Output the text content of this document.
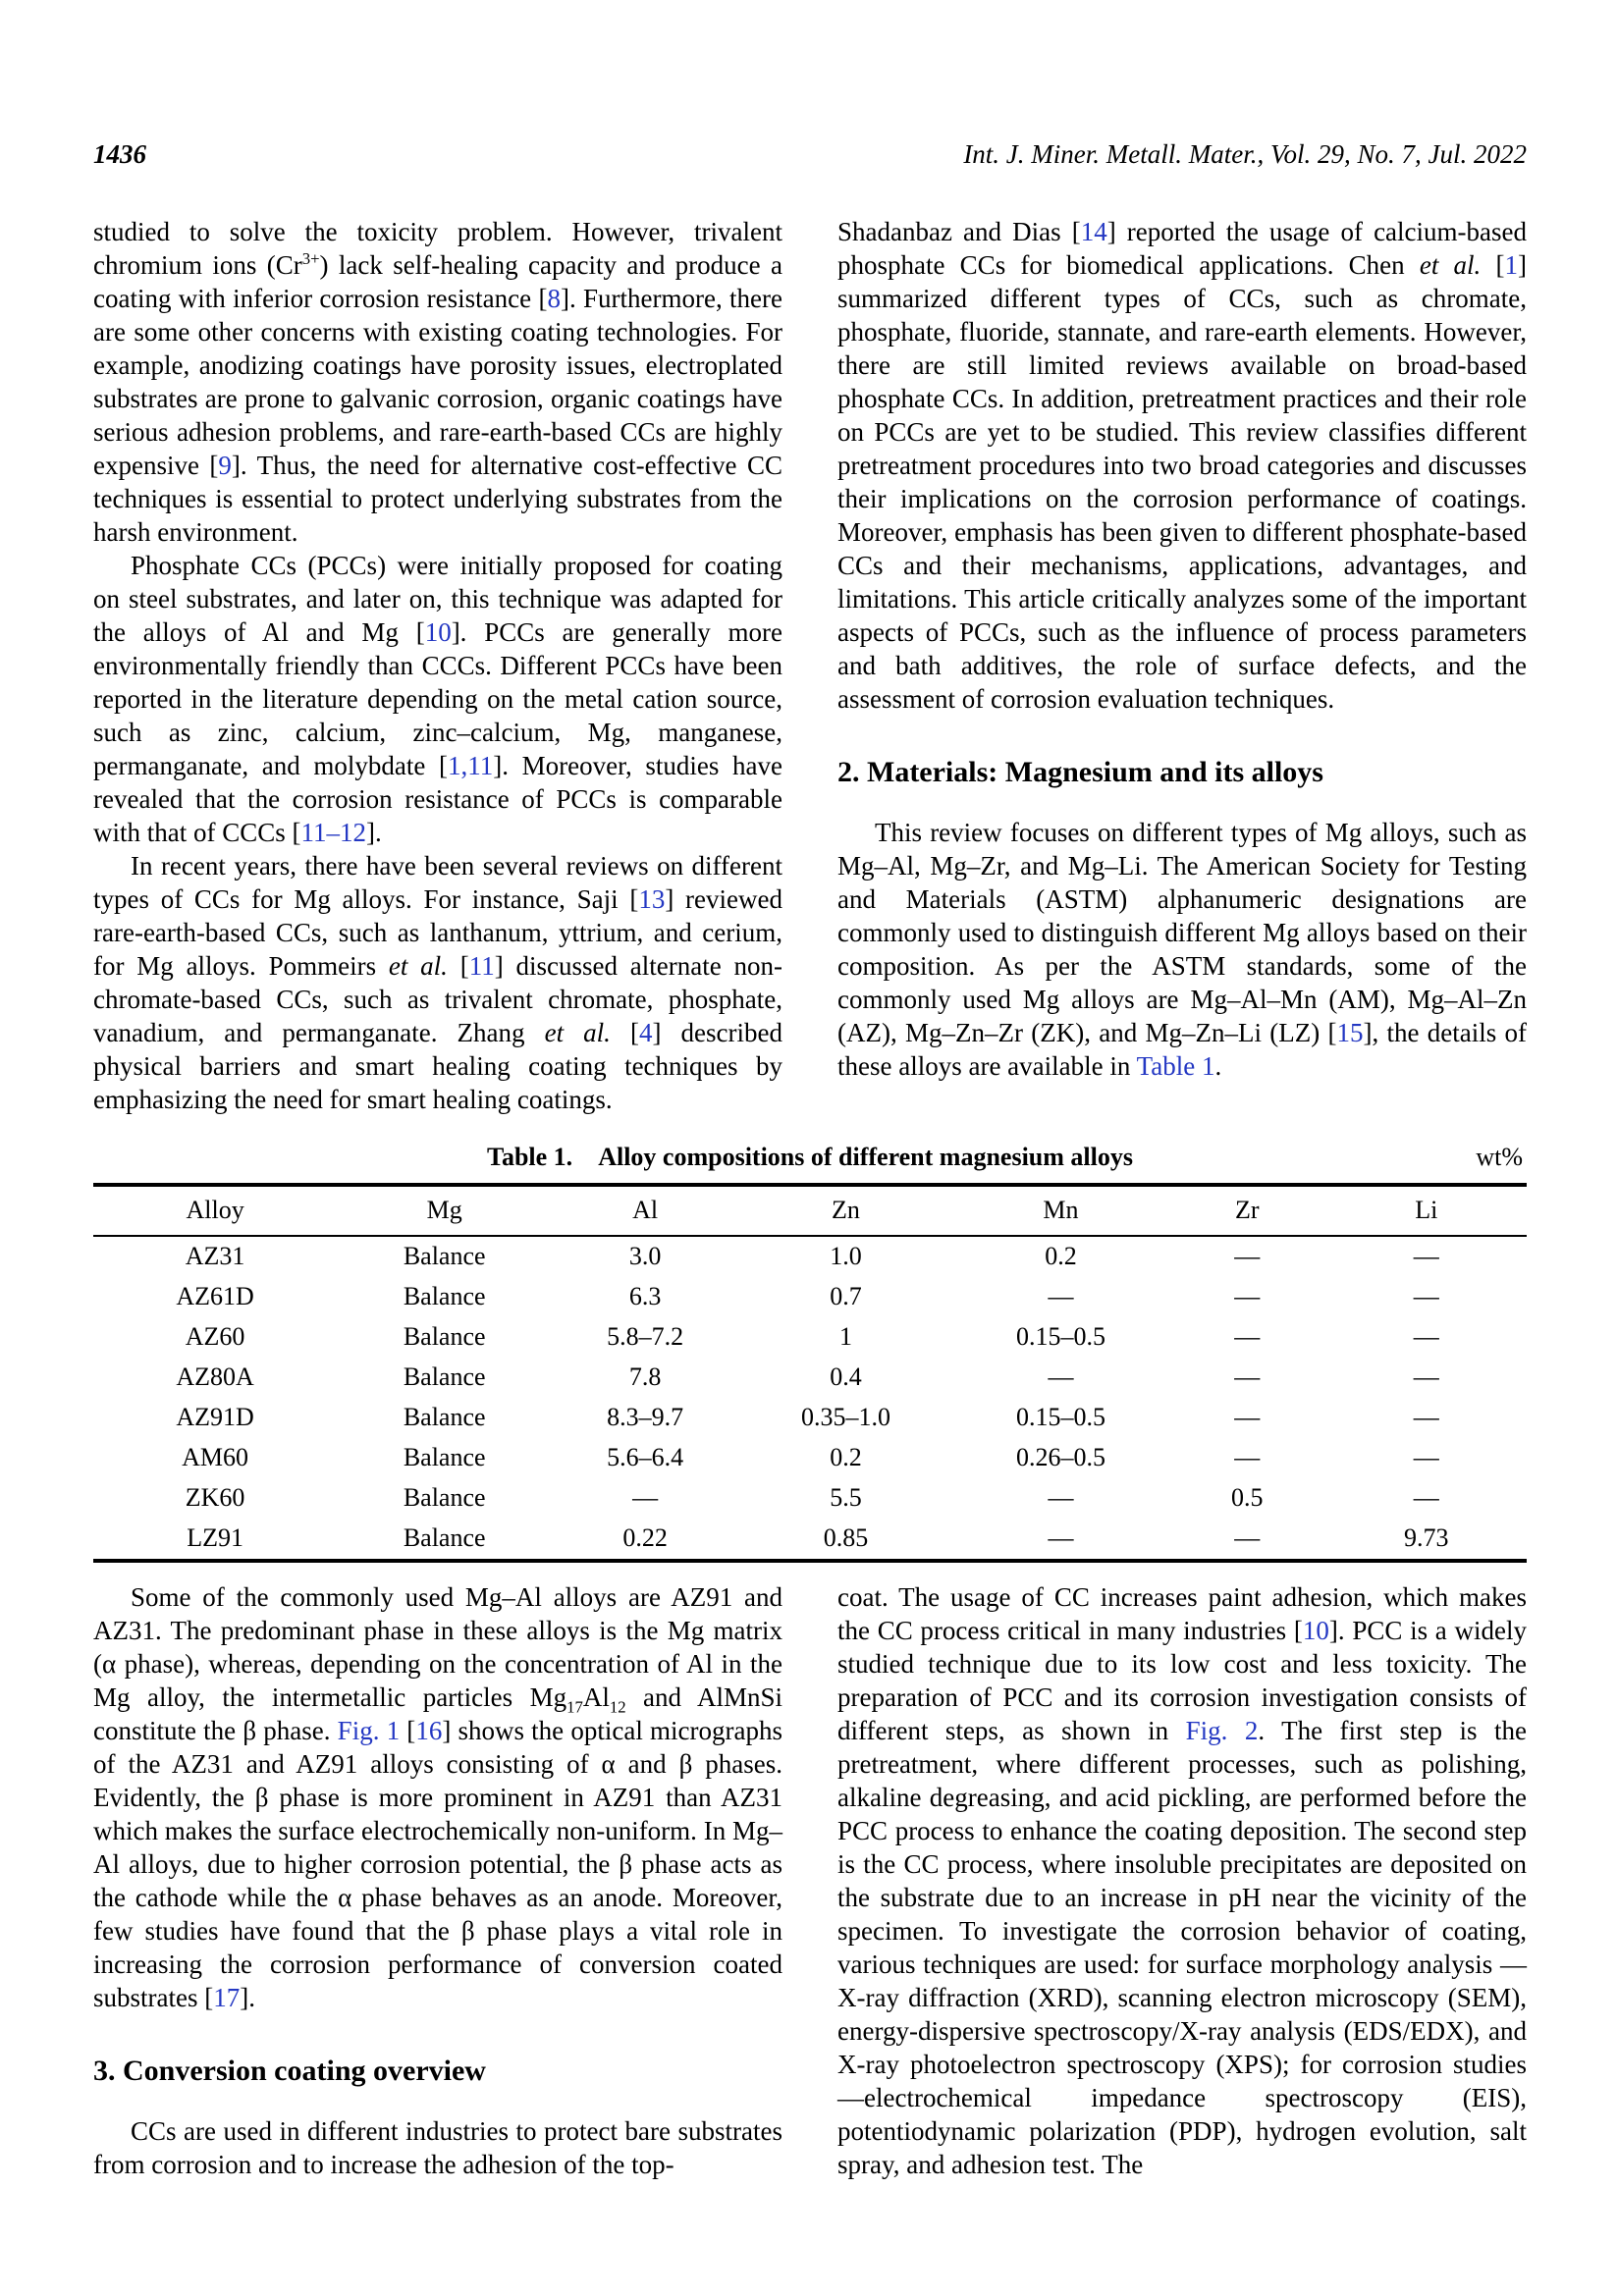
1436	Int. J. Miner. Metall. Mater., Vol. 29, No. 7, Jul. 2022

studied to solve the toxicity problem. However, trivalent chromium ions $(Cr^{3+})$ lack self-healing capacity and produce a coating with inferior corrosion resistance [8]. Furthermore, there are some other concerns with existing coating technologies. For example, anodizing coatings have porosity issues, electroplated substrates are prone to galvanic corrosion, organic coatings have serious adhesion problems, and rare-earth-based CCs are highly expensive [9]. Thus, the need for alternative cost-effective CC techniques is essential to protect underlying substrates from the harsh environment.

Phosphate CCs (PCCs) were initially proposed for coating on steel substrates, and later on, this technique was adapted for the alloys of Al and Mg [10]. PCCs are generally more environmentally friendly than CCCs. Different PCCs have been reported in the literature depending on the metal cation source, such as zinc, calcium, zinc–calcium, Mg, manganese, permanganate, and molybdate [1,11]. Moreover, studies have revealed that the corrosion resistance of PCCs is comparable with that of CCCs [11–12].

In recent years, there have been several reviews on different types of CCs for Mg alloys. For instance, Saji [13] reviewed rare-earth-based CCs, such as lanthanum, yttrium, and cerium, for Mg alloys. Pommeirs et al. [11] discussed alternate non-chromate-based CCs, such as trivalent chromate, phosphate, vanadium, and permanganate. Zhang et al. [4] described physical barriers and smart healing coating techniques by emphasizing the need for smart healing coatings.

Shadanbaz and Dias [14] reported the usage of calcium-based phosphate CCs for biomedical applications. Chen et al. [1] summarized different types of CCs, such as chromate, phosphate, fluoride, stannate, and rare-earth elements. However, there are still limited reviews available on broad-based phosphate CCs. In addition, pretreatment practices and their role on PCCs are yet to be studied. This review classifies different pretreatment procedures into two broad categories and discusses their implications on the corrosion performance of coatings. Moreover, emphasis has been given to different phosphate-based CCs and their mechanisms, applications, advantages, and limitations. This article critically analyzes some of the important aspects of PCCs, such as the influence of process parameters and bath additives, the role of surface defects, and the assessment of corrosion evaluation techniques.

2. Materials: Magnesium and its alloys

This review focuses on different types of Mg alloys, such as Mg–Al, Mg–Zr, and Mg–Li. The American Society for Testing and Materials (ASTM) alphanumeric designations are commonly used to distinguish different Mg alloys based on their composition. As per the ASTM standards, some of the commonly used Mg alloys are Mg–Al–Mn (AM), Mg–Al–Zn (AZ), Mg–Zn–Zr (ZK), and Mg–Zn–Li (LZ) [15], the details of these alloys are available in Table 1.

Table 1. Alloy compositions of different magnesium alloys	wt%
Alloy	Mg	Al	Zn	Mn	Zr	Li
AZ31	Balance	3.0	1.0	0.2	—	—
AZ61D	Balance	6.3	0.7	—	—	—
AZ60	Balance	5.8–7.2	1	0.15–0.5	—	—
AZ80A	Balance	7.8	0.4	—	—	—
AZ91D	Balance	8.3–9.7	0.35–1.0	0.15–0.5	—	—
AM60	Balance	5.6–6.4	0.2	0.26–0.5	—	—
ZK60	Balance	—	5.5	—	0.5	—
LZ91	Balance	0.22	0.85	—	—	9.73

Some of the commonly used Mg–Al alloys are AZ91 and AZ31. The predominant phase in these alloys is the Mg matrix (α phase), whereas, depending on the concentration of Al in the Mg alloy, the intermetallic particles $Mg_{17}Al_{12}$ and AlMnSi constitute the β phase. Fig. 1 [16] shows the optical micrographs of the AZ31 and AZ91 alloys consisting of α and β phases. Evidently, the β phase is more prominent in AZ91 than AZ31 which makes the surface electrochemically non-uniform. In Mg–Al alloys, due to higher corrosion potential, the β phase acts as the cathode while the α phase behaves as an anode. Moreover, few studies have found that the β phase plays a vital role in increasing the corrosion performance of conversion coated substrates [17].

3. Conversion coating overview

CCs are used in different industries to protect bare substrates from corrosion and to increase the adhesion of the top-

coat. The usage of CC increases paint adhesion, which makes the CC process critical in many industries [10]. PCC is a widely studied technique due to its low cost and less toxicity. The preparation of PCC and its corrosion investigation consists of different steps, as shown in Fig. 2. The first step is the pretreatment, where different processes, such as polishing, alkaline degreasing, and acid pickling, are performed before the PCC process to enhance the coating deposition. The second step is the CC process, where insoluble precipitates are deposited on the substrate due to an increase in pH near the vicinity of the specimen. To investigate the corrosion behavior of coating, various techniques are used: for surface morphology analysis —X-ray diffraction (XRD), scanning electron microscopy (SEM), energy-dispersive spectroscopy/X-ray analysis (EDS/EDX), and X-ray photoelectron spectroscopy (XPS); for corrosion studies—electrochemical impedance spectroscopy (EIS), potentiodynamic polarization (PDP), hydrogen evolution, salt spray, and adhesion test. The
